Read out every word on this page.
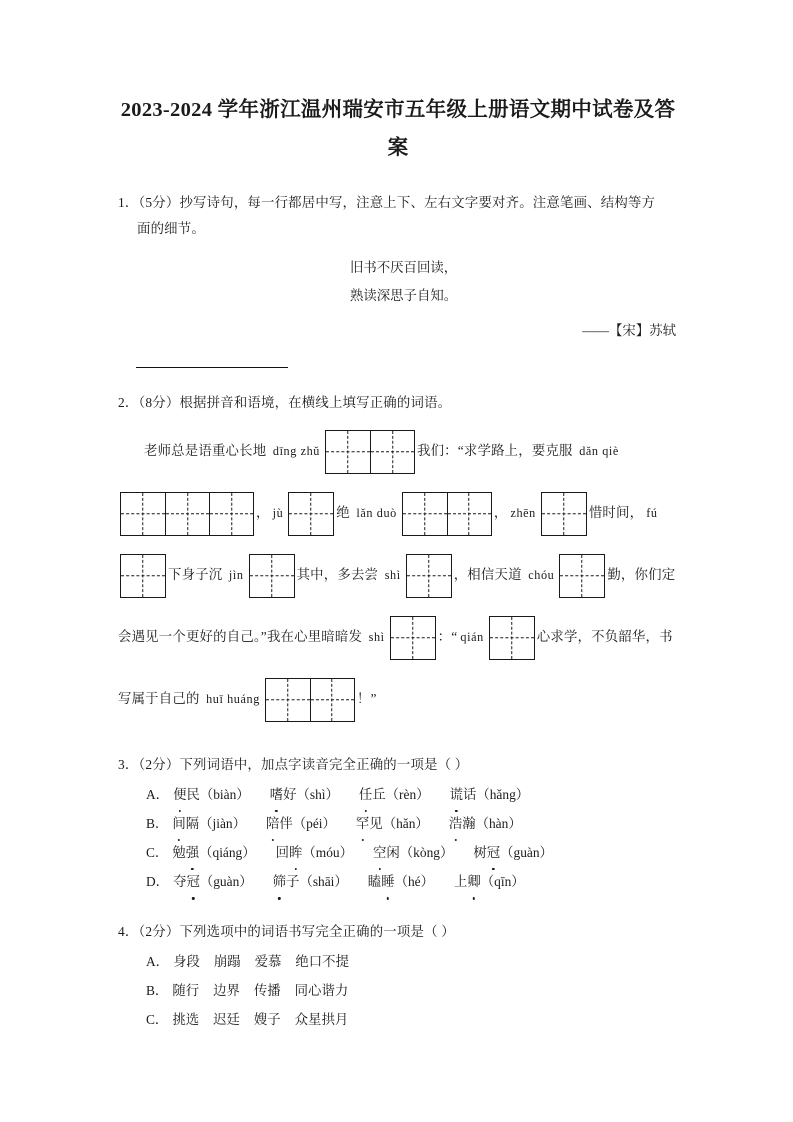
2023-2024 学年浙江温州瑞安市五年级上册语文期中试卷及答案
1．（5分）抄写诗句，每一行都居中写，注意上下、左右文字要对齐。注意笔画、结构等方
面的细节。
旧书不厌百回读，
熟读深思子自知。
——【宋】苏轼
2．（8分）根据拼音和语境，在横线上填写正确的词语。
老师总是语重心长地 dīng zhǔ	我们：“求学路上，要克服 dǎn qiè
， jù	绝 lǎn duò	， zhēn	惜时间， fú
下身子沉 jìn	其中，多去尝 shì	，相信天道 chóu	勤，你们定会遇见一个更好的自己。”我在心里暗暗发 shì	：“ qián	心求学，不负韶华，书写属于自己的 huī huáng	！”
3．（2分）下列词语中，加点字读音完全正确的一项是（ ）
A． 便民（biàn） 嗜好（shì） 任丘（rèn） 谎话（hǎng）
B． 间隔（jiàn） 陪伴（péi） 罕见（hǎn） 浩瀚（hàn）
C． 勉强（qiáng） 回眸（móu） 空闲（kòng） 树冠（guàn）
D． 夺冠（guàn） 筛子（shāi） 瞌睡（hé） 上卿（qīn）
4．（2分）下列选项中的词语书写完全正确的一项是（ ）
A． 身段 崩蹋 爱慕 绝口不提
B． 随行 边界 传播 同心谐力
C． 挑选 迟廷 嫂子 众星拱月
